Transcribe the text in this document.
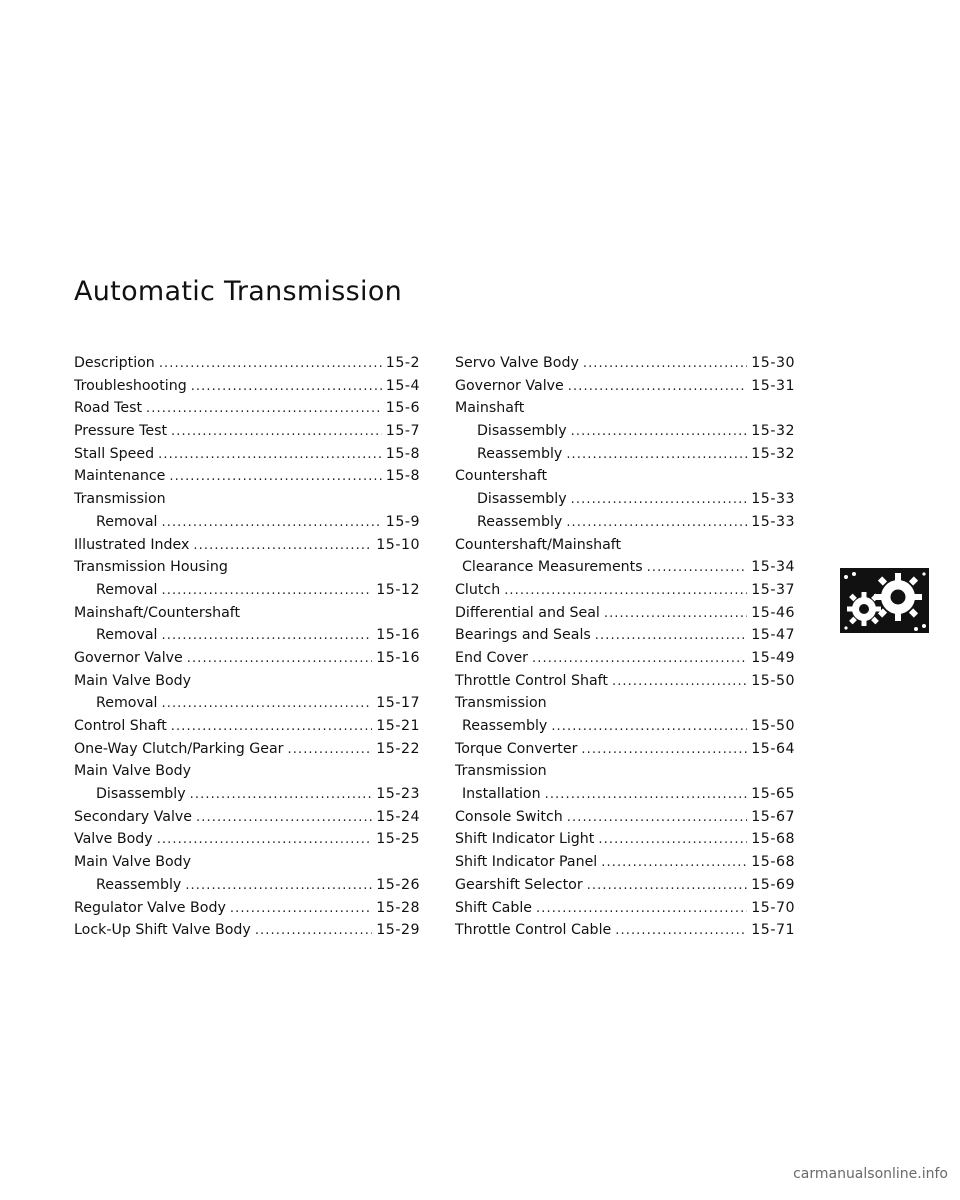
Automatic Transmission
Description .....	15-2
Troubleshooting .....	15-4
Road Test .....	15-6
Pressure Test .....	15-7
Stall Speed .....	15-8
Maintenance .....	15-8
Transmission
Removal .....	15-9
Illustrated Index .....	15-10
Transmission Housing
Removal .....	15-12
Mainshaft/Countershaft
Removal .....	15-16
Governor Valve .....	15-16
Main Valve Body
Removal .....	15-17
Control Shaft .....	15-21
One-Way Clutch/Parking Gear .....	15-22
Main Valve Body
Disassembly .....	15-23
Secondary Valve .....	15-24
Valve Body .....	15-25
Main Valve Body
Reassembly .....	15-26
Regulator Valve Body .....	15-28
Lock-Up Shift Valve Body .....	15-29
Servo Valve Body .....	15-30
Governor Valve .....	15-31
Mainshaft
Disassembly .....	15-32
Reassembly .....	15-32
Countershaft
Disassembly .....	15-33
Reassembly .....	15-33
Countershaft/Mainshaft
Clearance Measurements .....	15-34
Clutch .....	15-37
Differential and Seal .....	15-46
Bearings and Seals .....	15-47
End Cover .....	15-49
Throttle Control Shaft .....	15-50
Transmission
Reassembly .....	15-50
Torque Converter .....	15-64
Transmission
Installation .....	15-65
Console Switch .....	15-67
Shift Indicator Light .....	15-68
Shift Indicator Panel .....	15-68
Gearshift Selector .....	15-69
Shift Cable .....	15-70
Throttle Control Cable .....	15-71
carmanualsonline.info
